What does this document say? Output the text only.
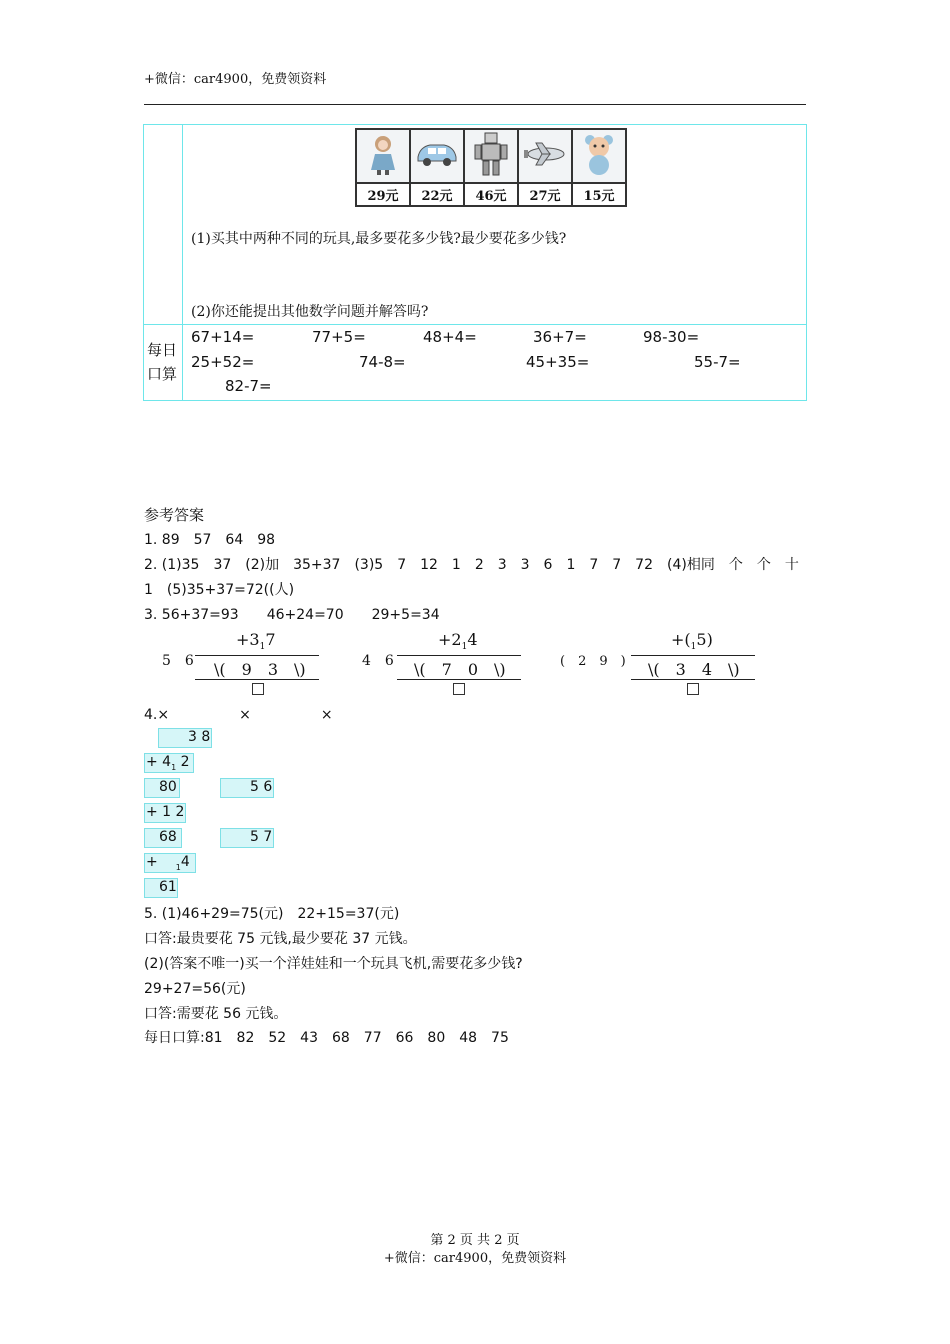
+微信：car4900，免费领资料

29元	22元	46元	27元	15元
(1)买其中两种不同的玩具,最多要花多少钱?最少要花多少钱?
(2)你还能提出其他数学问题并解答吗?
每日
口算
67+14=	77+5=	48+4=	36+7=	98-30=
25+52=	74-8=	45+35=	55-7=
82-7=
参考答案
1. 89　57　64　98
2. (1)35　37　(2)加　35+37　(3)5　7　12　1　2　3　3　6　1　7　7　72　(4)相同　个　个　十
1　(5)35+37=72((人)
3. 56+37=93　　46+24=70　　29+5=34
5　6
$+3_17$
\(　9　3　\)	4　6
$+2_14$
\(　7　0　\)	(　2　9　)
$+(_15)$
\(　3　4　\)
4.×　　　　　×　　　　　×
3 8
+ $4_1$ 2
80	5 6
+ 1 2
68	5 7
+ $_1$4
61
5. (1)46+29=75(元)　22+15=37(元)
口答:最贵要花 75 元钱,最少要花 37 元钱。
(2)(答案不唯一)买一个洋娃娃和一个玩具飞机,需要花多少钱?
29+27=56(元)
口答:需要花 56 元钱。
每日口算:81　82　52　43　68　77　66　80　48　75
第 2 页 共 2 页
+微信：car4900，免费领资料
